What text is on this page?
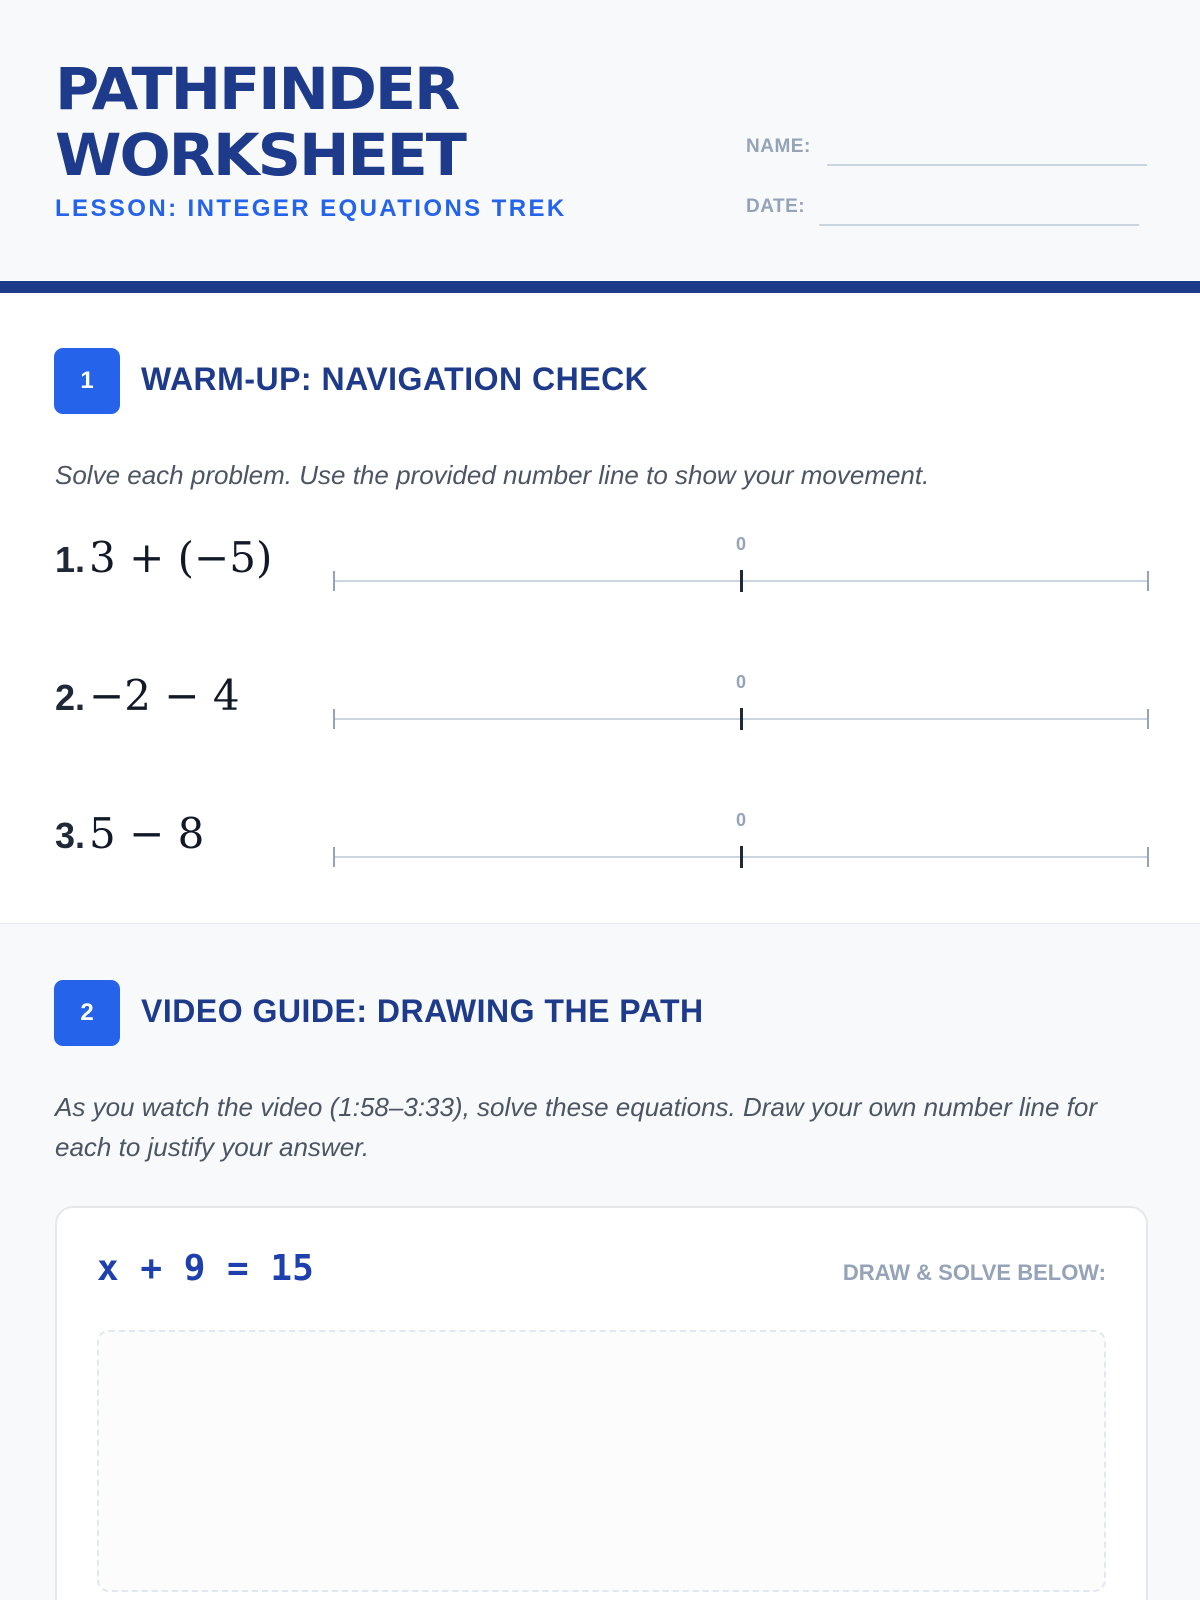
PATHFINDER
WORKSHEET
LESSON: INTEGER EQUATIONS TREK
NAME:
DATE:
1	WARM-UP: NAVIGATION CHECK
Solve each problem. Use the provided number line to show your movement.
1. 3 + (−5)	0
2. −2 − 4	0
3. 5 − 8	0
2	VIDEO GUIDE: DRAWING THE PATH
As you watch the video (1:58–3:33), solve these equations. Draw your own number line for each to justify your answer.
x + 9 = 15	DRAW & SOLVE BELOW:
